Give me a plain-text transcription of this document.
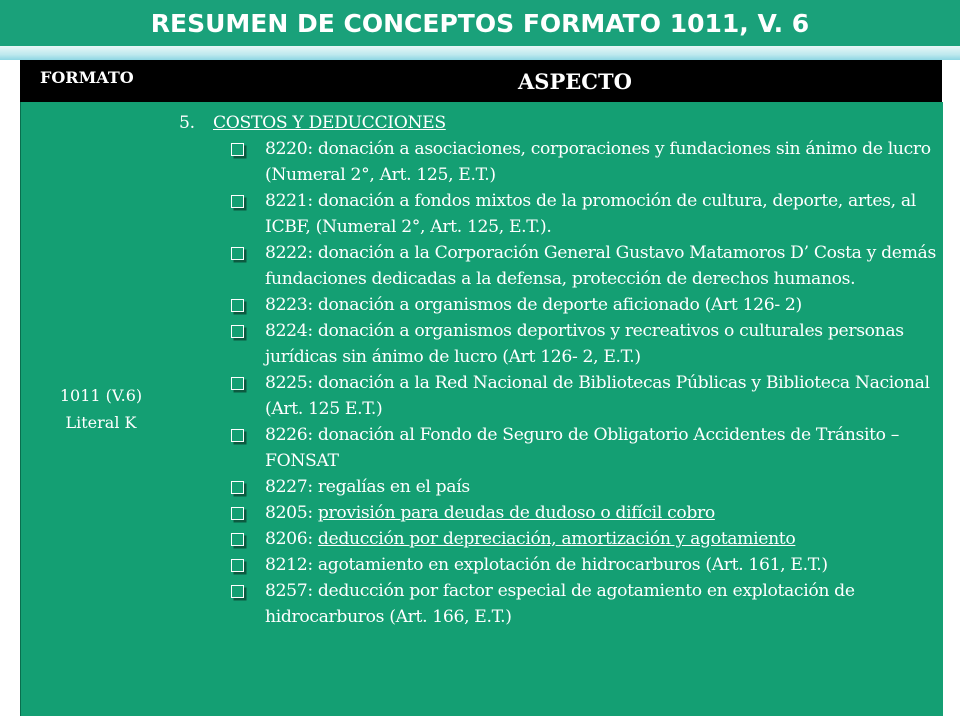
RESUMEN DE CONCEPTOS FORMATO 1011, V. 6
FORMATO	ASPECTO
1011 (V.6)
Literal K
5.	COSTOS Y DEDUCCIONES
8220: donación a asociaciones, corporaciones y fundaciones sin ánimo de lucro (Numeral 2°, Art. 125, E.T.)
8221: donación a fondos mixtos de la promoción de cultura, deporte, artes, al ICBF, (Numeral 2°, Art. 125, E.T.).
8222: donación a la Corporación General Gustavo Matamoros D’ Costa y demás fundaciones dedicadas a la defensa, protección de derechos humanos.
8223: donación a organismos de deporte aficionado (Art 126- 2)
8224: donación a organismos deportivos y recreativos o culturales personas jurídicas sin ánimo de lucro (Art 126- 2, E.T.)
8225: donación a la Red Nacional de Bibliotecas Públicas y Biblioteca Nacional (Art. 125 E.T.)
8226: donación al Fondo de Seguro de Obligatorio Accidentes de Tránsito –FONSAT
8227: regalías en el país
8205: provisión para deudas de dudoso o difícil cobro
8206: deducción por depreciación, amortización y agotamiento
8212: agotamiento en explotación de hidrocarburos (Art. 161, E.T.)
8257: deducción por factor especial de agotamiento en explotación de hidrocarburos (Art. 166, E.T.)
